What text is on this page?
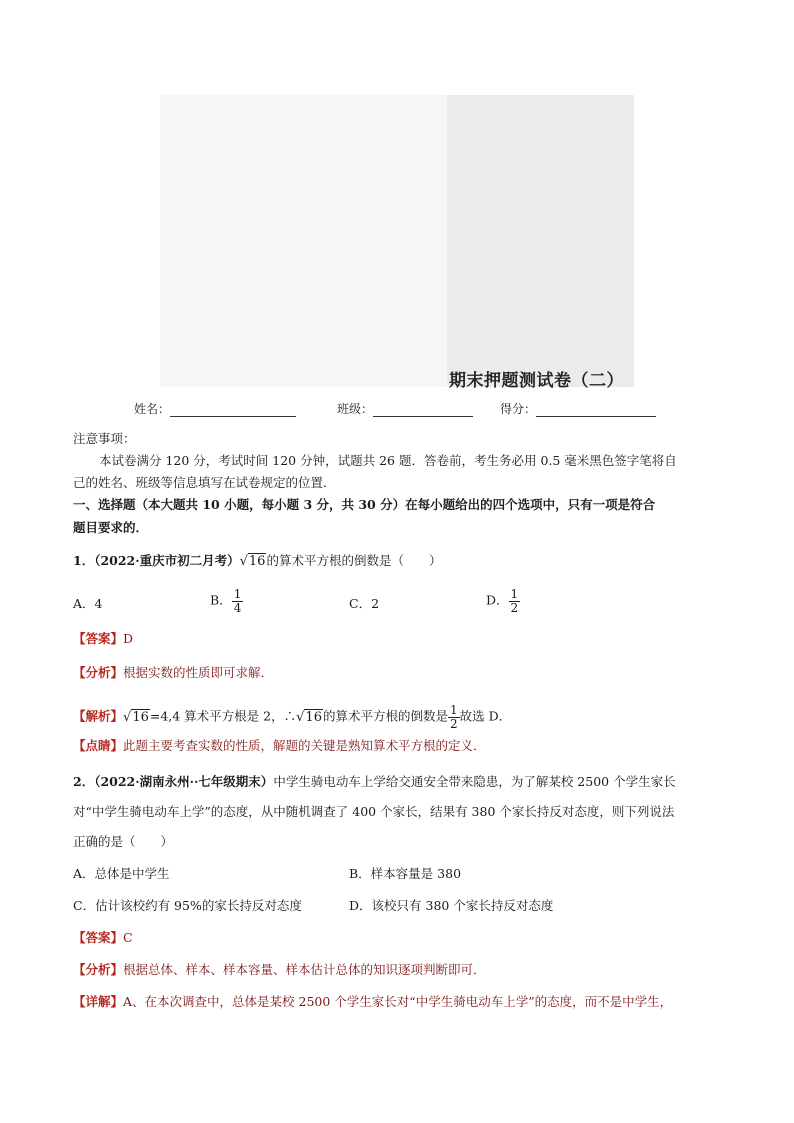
期末押题测试卷（二）
姓名：	班级：	得分：
注意事项：
本试卷满分 120 分，考试时间 120 分钟，试题共 26 题．答卷前，考生务必用 0.5 毫米黑色签字笔将自
己的姓名、班级等信息填写在试卷规定的位置．
一、选择题（本大题共 10 小题，每小题 3 分，共 30 分）在每小题给出的四个选项中，只有一项是符合
题目要求的．
1．（2022·重庆市初二月考）√16的算术平方根的倒数是（　　）
A．4	B． $\frac{1}{4}$	C．2	D． $\frac{1}{2}$
【答案】D
【分析】根据实数的性质即可求解．
【解析】√16=4,4 算术平方根是 2，∴√16的算术平方根的倒数是 $\frac{1}{2}$ 故选 D．
【点睛】此题主要考查实数的性质，解题的关键是熟知算术平方根的定义．
2．（2022·湖南永州··七年级期末）中学生骑电动车上学给交通安全带来隐患，为了解某校 2500 个学生家长
对“中学生骑电动车上学”的态度，从中随机调查了 400 个家长，结果有 380 个家长持反对态度，则下列说法
正确的是（　　）
A．总体是中学生	B．样本容量是 380
C．估计该校约有 95%的家长持反对态度	D．该校只有 380 个家长持反对态度
【答案】C
【分析】根据总体、样本、样本容量、样本估计总体的知识逐项判断即可．
【详解】A、在本次调查中，总体是某校 2500 个学生家长对“中学生骑电动车上学”的态度，而不是中学生，
